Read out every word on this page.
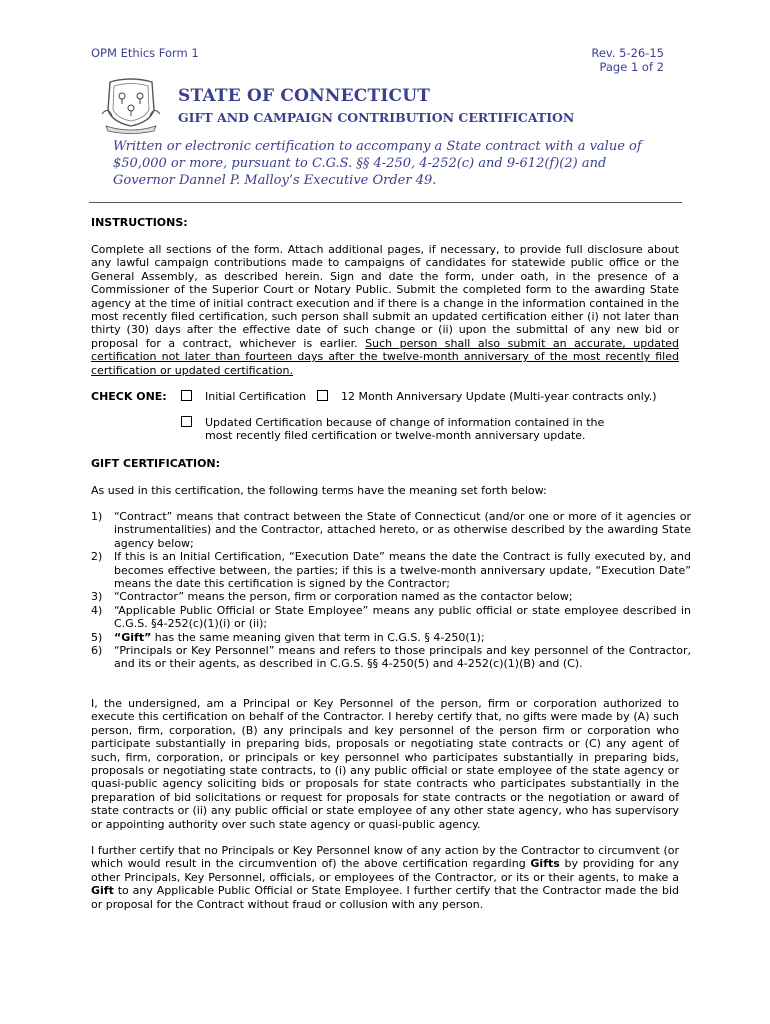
OPM Ethics Form 1	Rev. 5-26-15
Page 1 of 2
STATE OF CONNECTICUT
GIFT AND CAMPAIGN CONTRIBUTION CERTIFICATION
Written or electronic certification to accompany a State contract with a value of $50,000 or more, pursuant to C.G.S. §§ 4-250, 4-252(c) and 9-612(f)(2) and Governor Dannel P. Malloy’s Executive Order 49.
INSTRUCTIONS:
Complete all sections of the form. Attach additional pages, if necessary, to provide full disclosure about any lawful campaign contributions made to campaigns of candidates for statewide public office or the General Assembly, as described herein. Sign and date the form, under oath, in the presence of a Commissioner of the Superior Court or Notary Public. Submit the completed form to the awarding State agency at the time of initial contract execution and if there is a change in the information contained in the most recently filed certification, such person shall submit an updated certification either (i) not later than thirty (30) days after the effective date of such change or (ii) upon the submittal of any new bid or proposal for a contract, whichever is earlier. Such person shall also submit an accurate, updated certification not later than fourteen days after the twelve-month anniversary of the most recently filed certification or updated certification.
CHECK ONE:	Initial Certification	12 Month Anniversary Update (Multi-year contracts only.)
Updated Certification because of change of information contained in the most recently filed certification or twelve-month anniversary update.
GIFT CERTIFICATION:
As used in this certification, the following terms have the meaning set forth below:
1) “Contract” means that contract between the State of Connecticut (and/or one or more of it agencies or instrumentalities) and the Contractor, attached hereto, or as otherwise described by the awarding State agency below;
2) If this is an Initial Certification, “Execution Date” means the date the Contract is fully executed by, and becomes effective between, the parties; if this is a twelve-month anniversary update, “Execution Date” means the date this certification is signed by the Contractor;
3) “Contractor” means the person, firm or corporation named as the contactor below;
4) “Applicable Public Official or State Employee” means any public official or state employee described in C.G.S. §4-252(c)(1)(i) or (ii);
5) “Gift” has the same meaning given that term in C.G.S. § 4-250(1);
6) “Principals or Key Personnel” means and refers to those principals and key personnel of the Contractor, and its or their agents, as described in C.G.S. §§ 4-250(5) and 4-252(c)(1)(B) and (C).
I, the undersigned, am a Principal or Key Personnel of the person, firm or corporation authorized to execute this certification on behalf of the Contractor. I hereby certify that, no gifts were made by (A) such person, firm, corporation, (B) any principals and key personnel of the person firm or corporation who participate substantially in preparing bids, proposals or negotiating state contracts or (C) any agent of such, firm, corporation, or principals or key personnel who participates substantially in preparing bids, proposals or negotiating state contracts, to (i) any public official or state employee of the state agency or quasi-public agency soliciting bids or proposals for state contracts who participates substantially in the preparation of bid solicitations or request for proposals for state contracts or the negotiation or award of state contracts or (ii) any public official or state employee of any other state agency, who has supervisory or appointing authority over such state agency or quasi-public agency.
I further certify that no Principals or Key Personnel know of any action by the Contractor to circumvent (or which would result in the circumvention of) the above certification regarding Gifts by providing for any other Principals, Key Personnel, officials, or employees of the Contractor, or its or their agents, to make a Gift to any Applicable Public Official or State Employee. I further certify that the Contractor made the bid or proposal for the Contract without fraud or collusion with any person.
